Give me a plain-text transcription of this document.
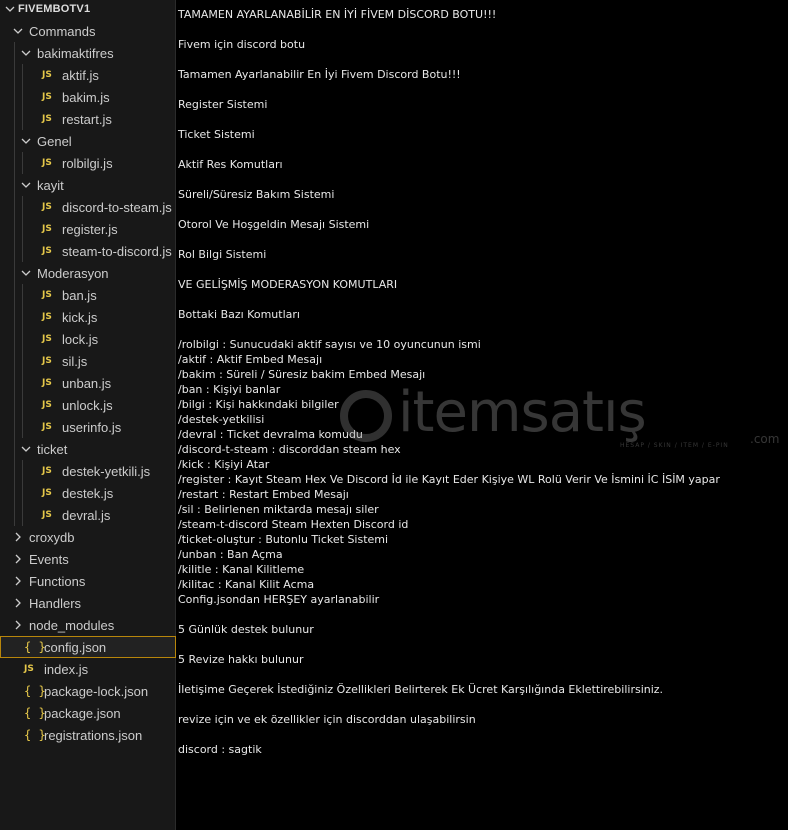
FIVEMBOTV1
Commands
bakimaktifres
JS aktif.js
JS bakim.js
JS restart.js
Genel
JS rolbilgi.js
kayit
JS discord-to-steam.js
JS register.js
JS steam-to-discord.js
Moderasyon
JS ban.js
JS kick.js
JS lock.js
JS sil.js
JS unban.js
JS unlock.js
JS userinfo.js
ticket
JS destek-yetkili.js
JS destek.js
JS devral.js
croxydb
Events
Functions
Handlers
node_modules
{ }
config.json
JS index.js
{ }
package-lock.json
{ }
package.json
{ }
registrations.json
TAMAMEN AYARLANABİLİR EN İYİ FİVEM DİSCORD BOTU!!!
Fivem için discord botu
Tamamen Ayarlanabilir En İyi Fivem Discord Botu!!!
Register Sistemi
Ticket Sistemi
Aktif Res Komutları
Süreli/Süresiz Bakım Sistemi
Otorol Ve Hoşgeldin Mesajı Sistemi
Rol Bilgi Sistemi
VE GELİŞMİŞ MODERASYON KOMUTLARI
Bottaki Bazı Komutları
/rolbilgi : Sunucudaki aktif sayısı ve 10 oyuncunun ismi
/aktif : Aktif Embed Mesajı
/bakim : Süreli / Süresiz bakim Embed Mesajı
/ban : Kişiyi banlar
/bilgi : Kişi hakkındaki bilgiler
/destek-yetkilisi
/devral : Ticket devralma komudu
/discord-t-steam : discorddan steam hex
/kick : Kişiyi Atar
/register : Kayıt Steam Hex Ve Discord İd ile Kayıt Eder Kişiye WL Rolü Verir Ve İsmini İC İSİM yapar
/restart : Restart Embed Mesajı
/sil : Belirlenen miktarda mesajı siler
/steam-t-discord Steam Hexten Discord id
/ticket-oluştur : Butonlu Ticket Sistemi
/unban : Ban Açma
/kilitle : Kanal Kilitleme
/kilitac : Kanal Kilit Acma
Config.jsondan HERŞEY ayarlanabilir
5 Günlük destek bulunur
5 Revize hakkı bulunur
İletişime Geçerek İstediğiniz Özellikleri Belirterek Ek Ücret Karşılığında Eklettirebilirsiniz.
revize için ve ek özellikler için discorddan ulaşabilirsin
discord : sagtik
itemsatış
HESAP / SKIN / ITEM / E-PIN .com
